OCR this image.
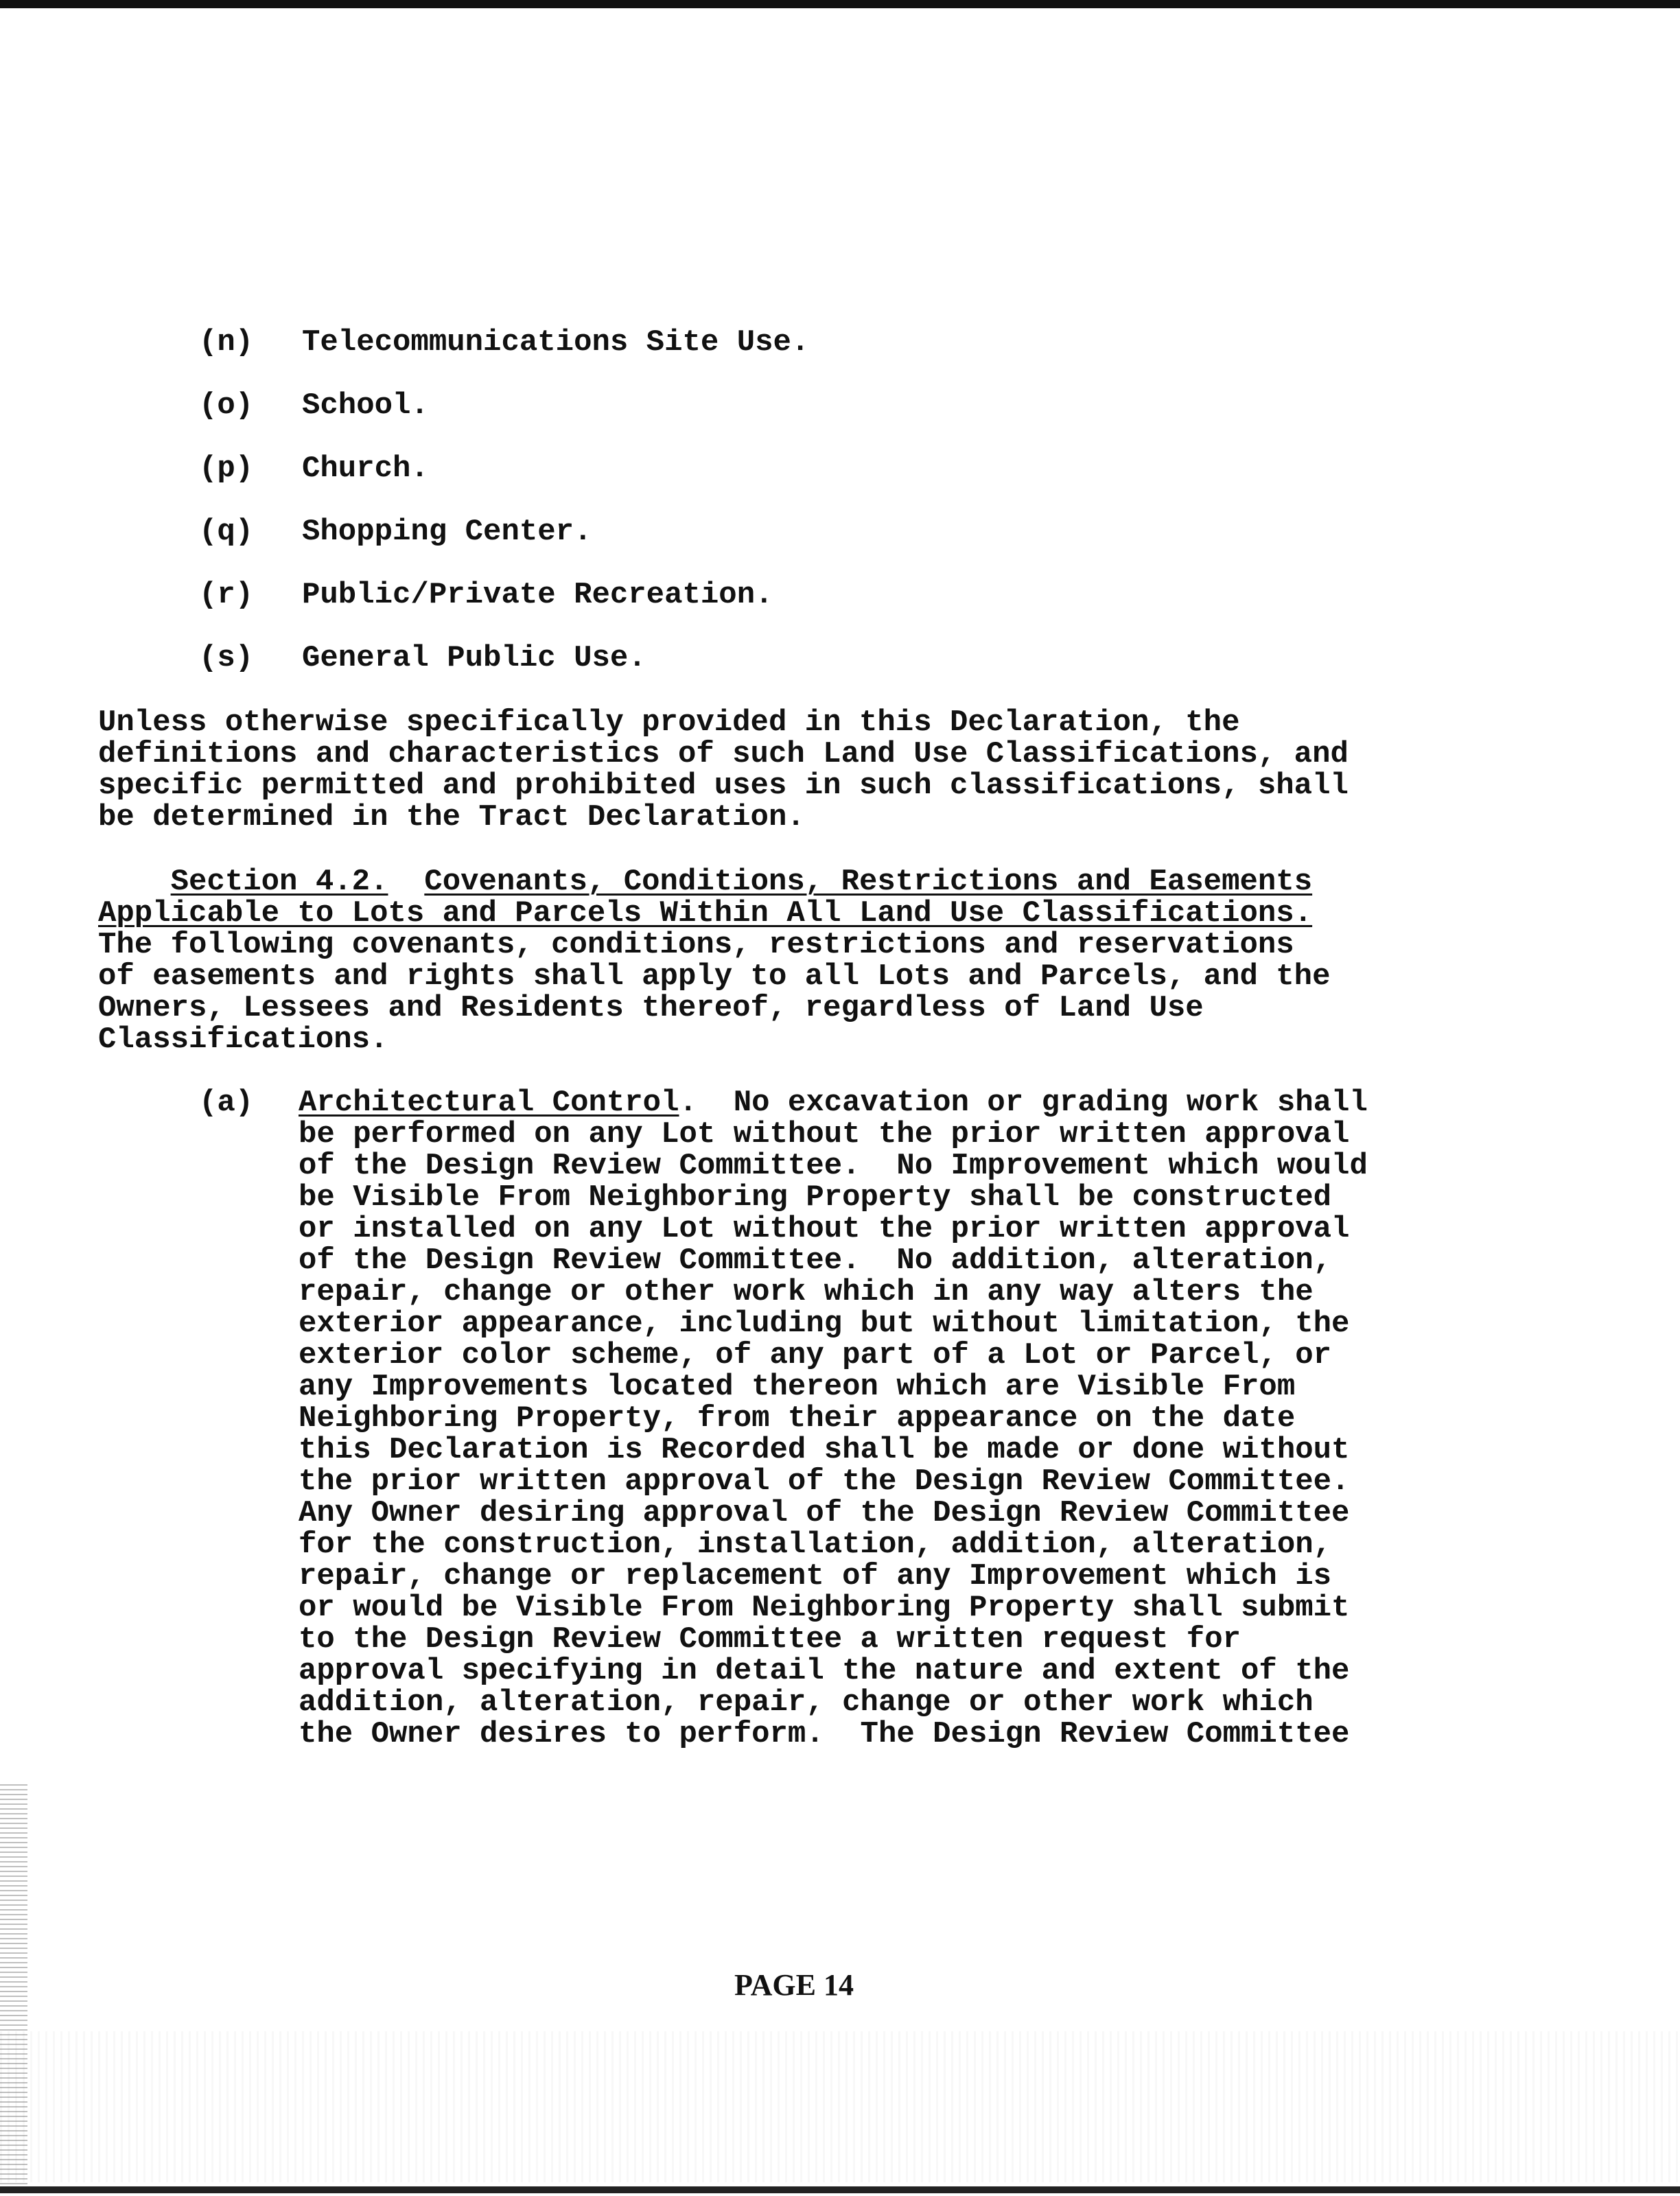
(n) Telecommunications Site Use.
(o) School.
(p) Church.
(q) Shopping Center.
(r) Public/Private Recreation.
(s) General Public Use.
Unless otherwise specifically provided in this Declaration, the
definitions and characteristics of such Land Use Classifications, and
specific permitted and prohibited uses in such classifications, shall
be determined in the Tract Declaration.
Section 4.2. Covenants, Conditions, Restrictions and Easements
Applicable to Lots and Parcels Within All Land Use Classifications.
The following covenants, conditions, restrictions and reservations
of easements and rights shall apply to all Lots and Parcels, and the
Owners, Lessees and Residents thereof, regardless of Land Use
Classifications.
(a) Architectural Control.  No excavation or grading work shall
be performed on any Lot without the prior written approval
of the Design Review Committee.  No Improvement which would
be Visible From Neighboring Property shall be constructed
or installed on any Lot without the prior written approval
of the Design Review Committee.  No addition, alteration,
repair, change or other work which in any way alters the
exterior appearance, including but without limitation, the
exterior color scheme, of any part of a Lot or Parcel, or
any Improvements located thereon which are Visible From
Neighboring Property, from their appearance on the date
this Declaration is Recorded shall be made or done without
the prior written approval of the Design Review Committee.
Any Owner desiring approval of the Design Review Committee
for the construction, installation, addition, alteration,
repair, change or replacement of any Improvement which is
or would be Visible From Neighboring Property shall submit
to the Design Review Committee a written request for
approval specifying in detail the nature and extent of the
addition, alteration, repair, change or other work which
the Owner desires to perform.  The Design Review Committee
PAGE 14
